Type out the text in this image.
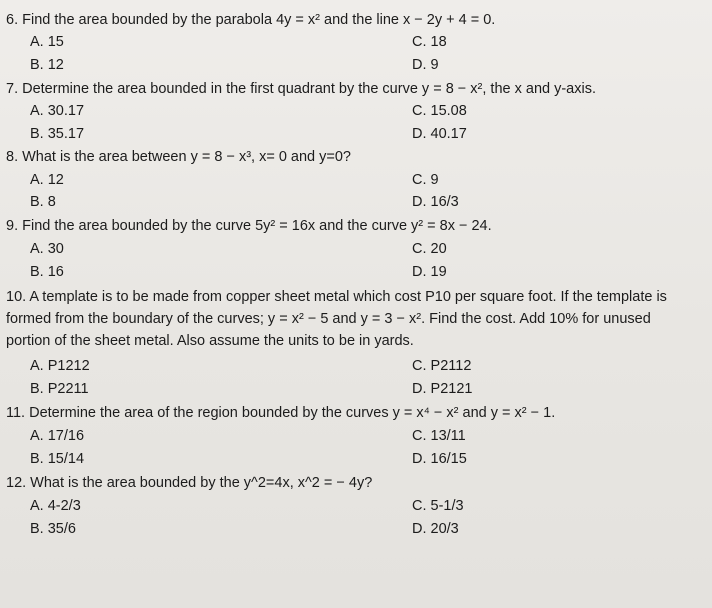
6. Find the area bounded by the parabola 4y = x² and the line x − 2y + 4 = 0.
A. 15	C. 18
B. 12	D. 9
7. Determine the area bounded in the first quadrant by the curve y = 8 − x², the x and y-axis.
A. 30.17	C. 15.08
B. 35.17	D. 40.17
8. What is the area between y = 8 − x³, x= 0 and y=0?
A. 12	C. 9
B. 8	D. 16/3
9. Find the area bounded by the curve 5y² = 16x and the curve y² = 8x − 24.
A. 30	C. 20
B. 16	D. 19
10. A template is to be made from copper sheet metal which cost P10 per square foot. If the template is formed from the boundary of the curves; y = x² − 5 and y = 3 − x². Find the cost. Add 10% for unused portion of the sheet metal. Also assume the units to be in yards.
A. P1212	C. P2112
B. P2211	D. P2121
11. Determine the area of the region bounded by the curves y = x⁴ − x² and y = x² − 1.
A. 17/16	C. 13/11
B. 15/14	D. 16/15
12. What is the area bounded by the y^2=4x, x^2 = − 4y?
A. 4-2/3	C. 5-1/3
B. 35/6	D. 20/3
